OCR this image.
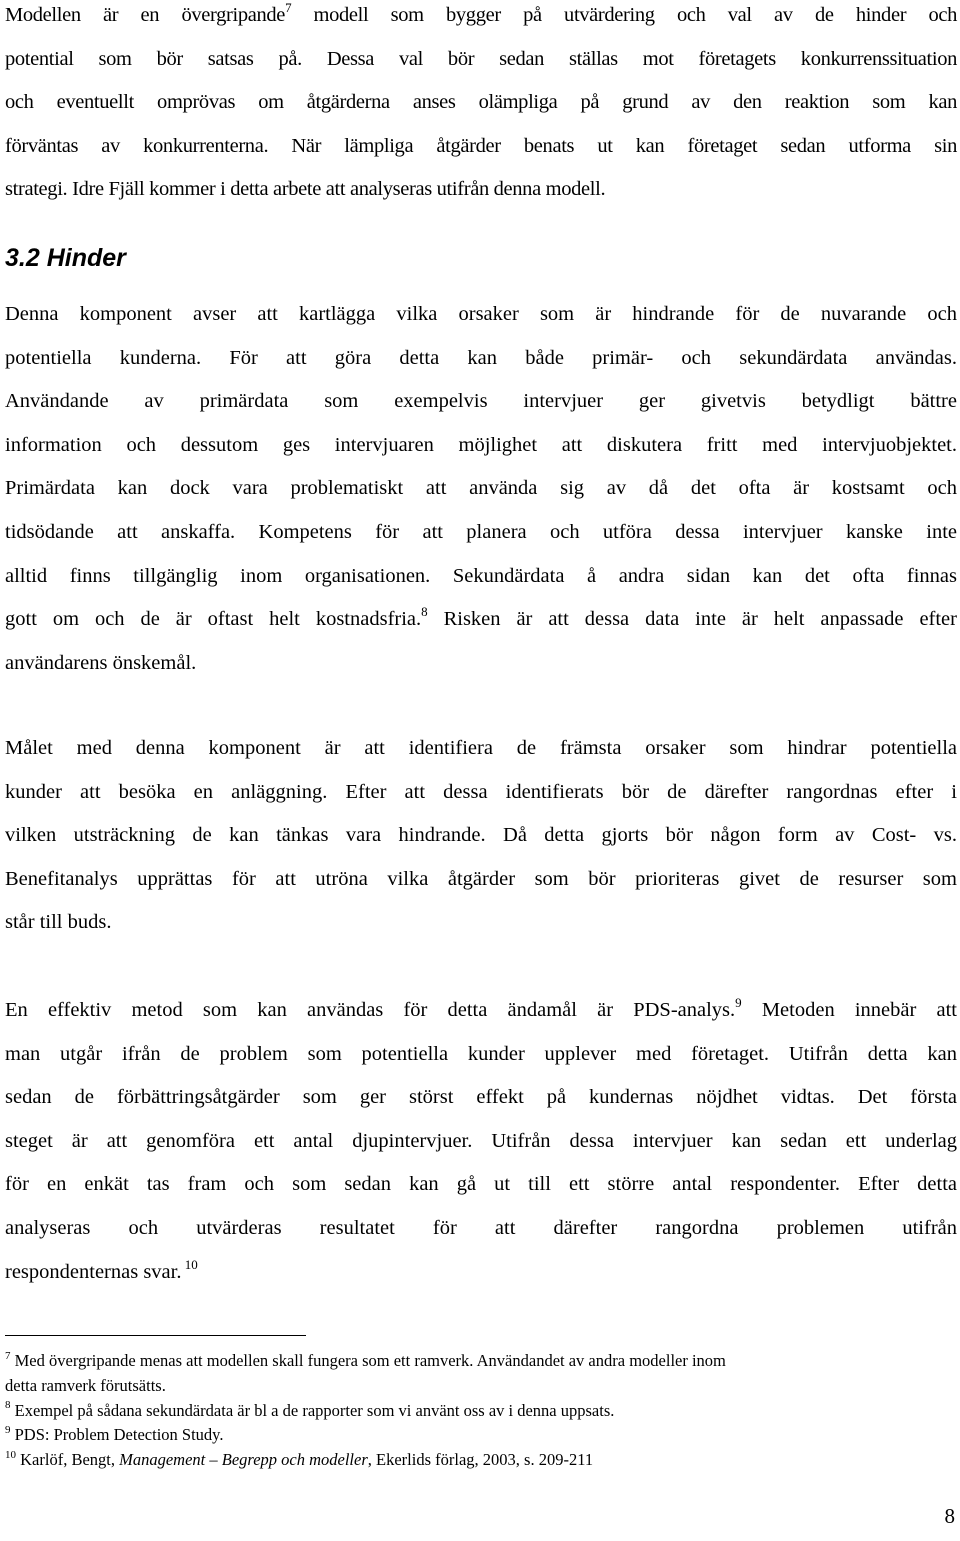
Modellen är en övergripande$^7$ modell som bygger på utvärdering och val av de hinder och
potential som bör satsas på. Dessa val bör sedan ställas mot företagets konkurrenssituation
och eventuellt omprövas om åtgärderna anses olämpliga på grund av den reaktion som kan
förväntas av konkurrenterna. När lämpliga åtgärder benats ut kan företaget sedan utforma sin
strategi. Idre Fjäll kommer i detta arbete att analyseras utifrån denna modell.
3.2 Hinder
Denna komponent avser att kartlägga vilka orsaker som är hindrande för de nuvarande och
potentiella kunderna. För att göra detta kan både primär- och sekundärdata användas.
Användande av primärdata som exempelvis intervjuer ger givetvis betydligt bättre
information och dessutom ges intervjuaren möjlighet att diskutera fritt med intervjuobjektet.
Primärdata kan dock vara problematiskt att använda sig av då det ofta är kostsamt och
tidsödande att anskaffa. Kompetens för att planera och utföra dessa intervjuer kanske inte
alltid finns tillgänglig inom organisationen. Sekundärdata å andra sidan kan det ofta finnas
gott om och de är oftast helt kostnadsfria.$^8$ Risken är att dessa data inte är helt anpassade efter
användarens önskemål.
Målet med denna komponent är att identifiera de främsta orsaker som hindrar potentiella
kunder att besöka en anläggning. Efter att dessa identifierats bör de därefter rangordnas efter i
vilken utsträckning de kan tänkas vara hindrande. Då detta gjorts bör någon form av Cost- vs.
Benefitanalys upprättas för att utröna vilka åtgärder som bör prioriteras givet de resurser som
står till buds.
En effektiv metod som kan användas för detta ändamål är PDS-analys.$^9$ Metoden innebär att
man utgår ifrån de problem som potentiella kunder upplever med företaget. Utifrån detta kan
sedan de förbättringsåtgärder som ger störst effekt på kundernas nöjdhet vidtas. Det första
steget är att genomföra ett antal djupintervjuer. Utifrån dessa intervjuer kan sedan ett underlag
för en enkät tas fram och som sedan kan gå ut till ett större antal respondenter. Efter detta
analyseras och utvärderas resultatet för att därefter rangordna problemen utifrån
respondenternas svar. $^{10}$
$^7$ Med övergripande menas att modellen skall fungera som ett ramverk. Användandet av andra modeller inom
detta ramverk förutsätts.
$^8$ Exempel på sådana sekundärdata är bl a de rapporter som vi använt oss av i denna uppsats.
$^9$ PDS: Problem Detection Study.
$^{10}$ Karlöf, Bengt, Management – Begrepp och modeller, Ekerlids förlag, 2003, s. 209-211
8
